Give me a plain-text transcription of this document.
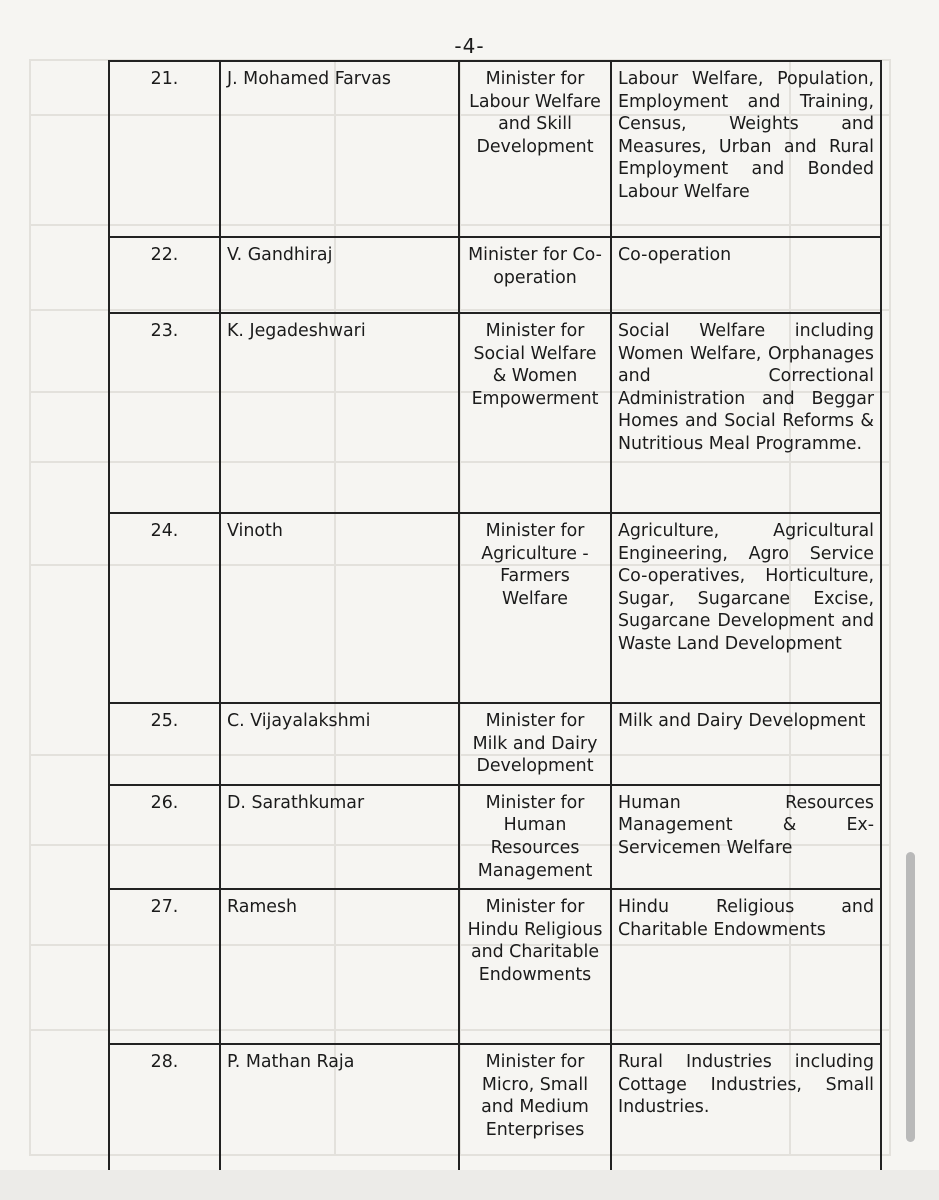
-4-
21.	J. Mohamed Farvas	Minister for Labour Welfare and Skill Development	Labour Welfare, Population, Employment and Training, Census, Weights and Measures, Urban and Rural Employment and Bonded Labour Welfare
22.	V. Gandhiraj	Minister for Co-operation	Co-operation
23.	K. Jegadeshwari	Minister for Social Welfare & Women Empowerment	Social Welfare including Women Welfare, Orphanages and Correctional Administration and Beggar Homes and Social Reforms & Nutritious Meal Programme.
24.	Vinoth	Minister for Agriculture - Farmers Welfare	Agriculture, Agricultural Engineering, Agro Service Co-operatives, Horticulture, Sugar, Sugarcane Excise, Sugarcane Development and Waste Land Development
25.	C. Vijayalakshmi	Minister for Milk and Dairy Development	Milk and Dairy Development
26.	D. Sarathkumar	Minister for Human Resources Management	Human Resources Management & Ex-Servicemen Welfare
27.	Ramesh	Minister for Hindu Religious and Charitable Endowments	Hindu Religious and Charitable Endowments
28.	P. Mathan Raja	Minister for Micro, Small and Medium Enterprises	Rural Industries including Cottage Industries, Small Industries.
